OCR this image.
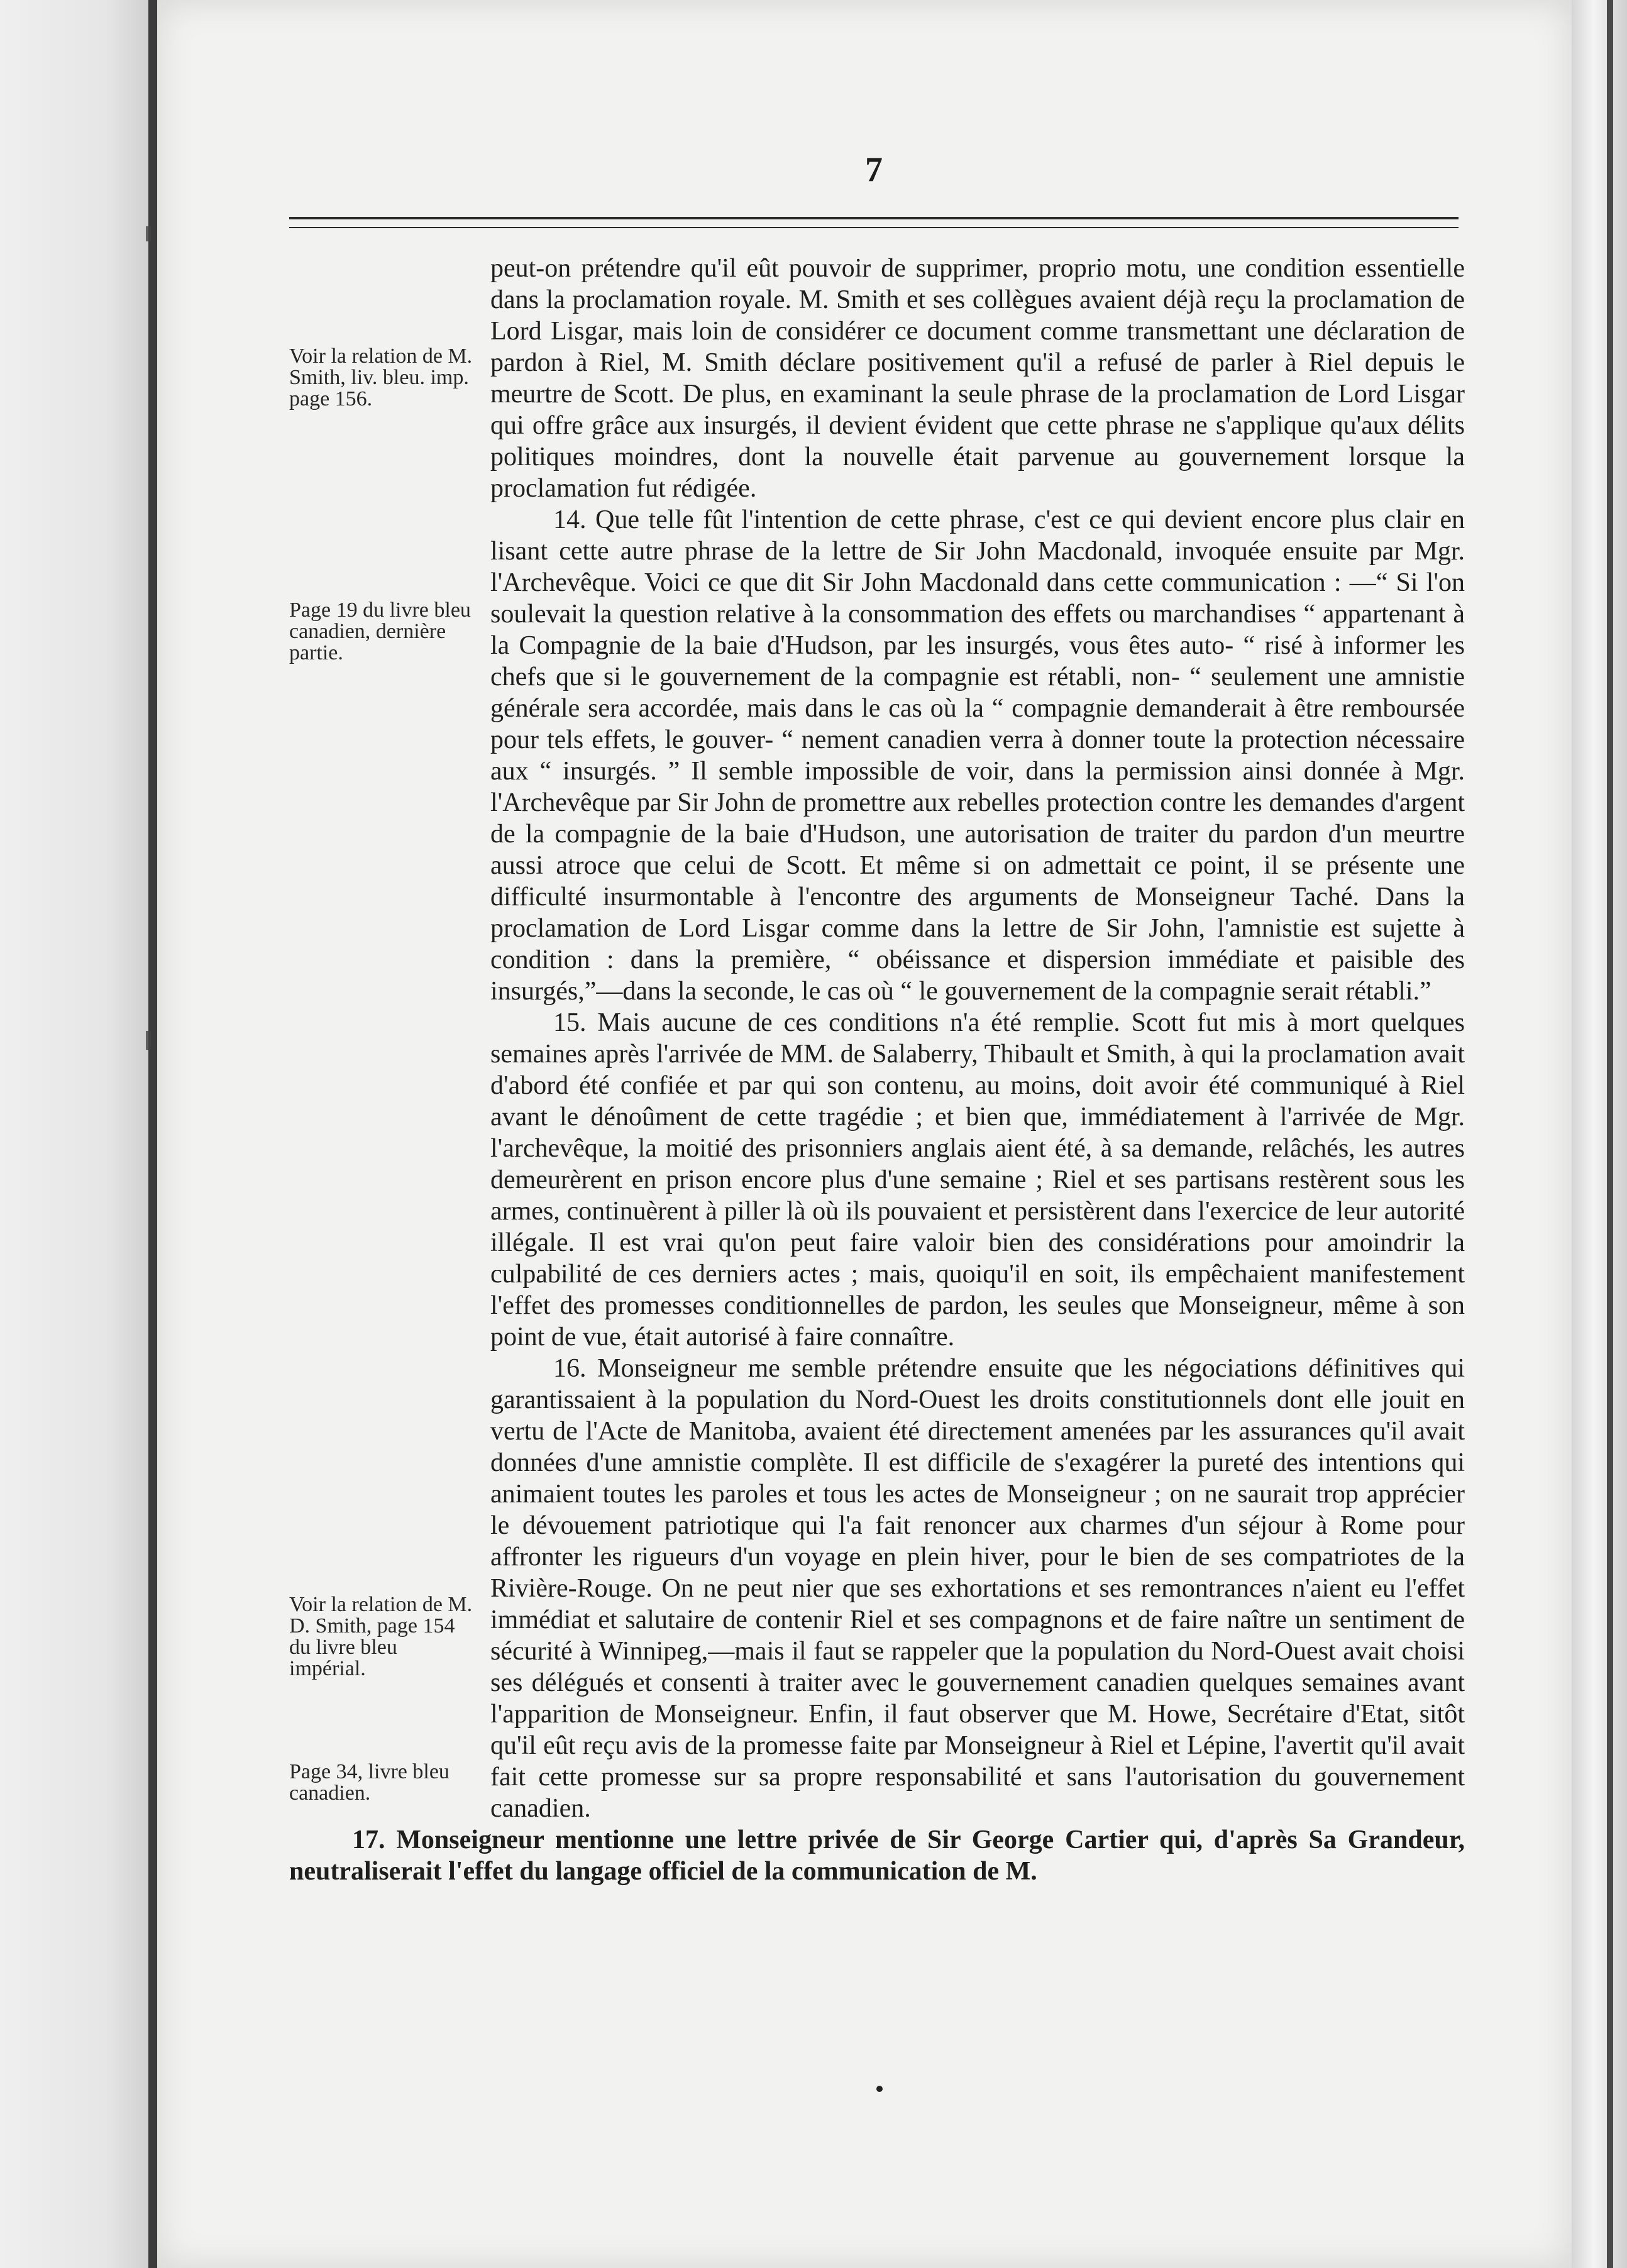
7
Voir la relation de M. Smith, liv. bleu. imp. page 156.
Page 19 du livre bleu canadien, dernière partie.
Voir la relation de M. D. Smith, page 154 du livre bleu impérial.
Page 34, livre bleu canadien.

peut-on prétendre qu'il eût pouvoir de supprimer, proprio motu, une condition essentielle dans la proclamation royale. M. Smith et ses collègues avaient déjà reçu la proclamation de Lord Lisgar, mais loin de considérer ce document comme transmettant une déclaration de pardon à Riel, M. Smith déclare positivement qu'il a refusé de parler à Riel depuis le meurtre de Scott. De plus, en examinant la seule phrase de la proclamation de Lord Lisgar qui offre grâce aux insurgés, il devient évident que cette phrase ne s'applique qu'aux délits politiques moindres, dont la nouvelle était parvenue au gouvernement lorsque la proclamation fut rédigée.

14. Que telle fût l'intention de cette phrase, c'est ce qui devient encore plus clair en lisant cette autre phrase de la lettre de Sir John Macdonald, invoquée ensuite par Mgr. l'Archevêque. Voici ce que dit Sir John Macdonald dans cette communication : —“ Si l'on soulevait la question relative à la consommation des effets ou marchandises “ appartenant à la Compagnie de la baie d'Hudson, par les insurgés, vous êtes auto- “ risé à informer les chefs que si le gouvernement de la compagnie est rétabli, non- “ seulement une amnistie générale sera accordée, mais dans le cas où la “ compagnie demanderait à être remboursée pour tels effets, le gouver- “ nement canadien verra à donner toute la protection nécessaire aux “ insurgés. ” Il semble impossible de voir, dans la permission ainsi donnée à Mgr. l'Archevêque par Sir John de promettre aux rebelles protection contre les demandes d'argent de la compagnie de la baie d'Hudson, une autorisation de traiter du pardon d'un meurtre aussi atroce que celui de Scott. Et même si on admettait ce point, il se présente une difficulté insurmontable à l'encontre des arguments de Monseigneur Taché. Dans la proclamation de Lord Lisgar comme dans la lettre de Sir John, l'amnistie est sujette à condition : dans la première, “ obéissance et dispersion immédiate et paisible des insurgés,”—dans la seconde, le cas où “ le gouvernement de la compagnie serait rétabli.”

15. Mais aucune de ces conditions n'a été remplie. Scott fut mis à mort quelques semaines après l'arrivée de MM. de Salaberry, Thibault et Smith, à qui la proclamation avait d'abord été confiée et par qui son contenu, au moins, doit avoir été communiqué à Riel avant le dénoûment de cette tragédie ; et bien que, immédiatement à l'arrivée de Mgr. l'archevêque, la moitié des prisonniers anglais aient été, à sa demande, relâchés, les autres demeurèrent en prison encore plus d'une semaine ; Riel et ses partisans restèrent sous les armes, continuèrent à piller là où ils pouvaient et persistèrent dans l'exercice de leur autorité illégale. Il est vrai qu'on peut faire valoir bien des considérations pour amoindrir la culpabilité de ces derniers actes ; mais, quoiqu'il en soit, ils empêchaient manifestement l'effet des promesses conditionnelles de pardon, les seules que Monseigneur, même à son point de vue, était autorisé à faire connaître.

16. Monseigneur me semble prétendre ensuite que les négociations définitives qui garantissaient à la population du Nord-Ouest les droits constitutionnels dont elle jouit en vertu de l'Acte de Manitoba, avaient été directement amenées par les assurances qu'il avait données d'une amnistie complète. Il est difficile de s'exagérer la pureté des intentions qui animaient toutes les paroles et tous les actes de Monseigneur ; on ne saurait trop apprécier le dévouement patriotique qui l'a fait renoncer aux charmes d'un séjour à Rome pour affronter les rigueurs d'un voyage en plein hiver, pour le bien de ses compatriotes de la Rivière-Rouge. On ne peut nier que ses exhortations et ses remontrances n'aient eu l'effet immédiat et salutaire de contenir Riel et ses compagnons et de faire naître un sentiment de sécurité à Winnipeg,—mais il faut se rappeler que la population du Nord-Ouest avait choisi ses délégués et consenti à traiter avec le gouvernement canadien quelques semaines avant l'apparition de Monseigneur. Enfin, il faut observer que M. Howe, Secrétaire d'Etat, sitôt qu'il eût reçu avis de la promesse faite par Monseigneur à Riel et Lépine, l'avertit qu'il avait fait cette promesse sur sa propre responsabilité et sans l'autorisation du gouvernement canadien.

17. Monseigneur mentionne une lettre privée de Sir George Cartier qui, d'après Sa Grandeur, neutraliserait l'effet du langage officiel de la communication de M.
